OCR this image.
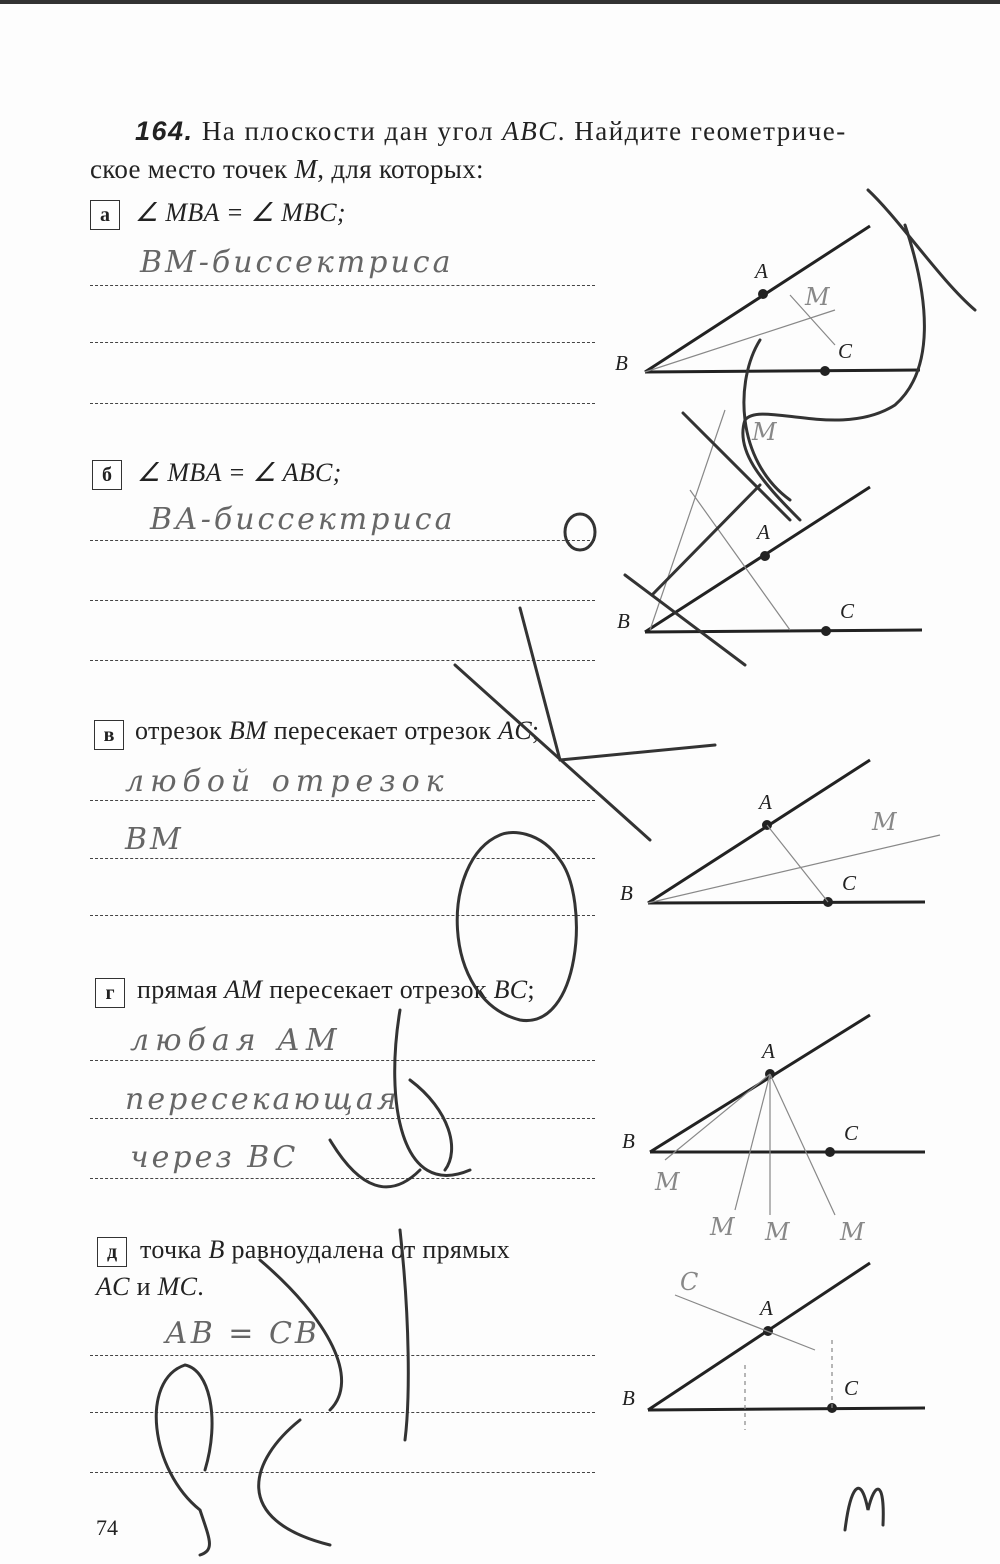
164. На плоскости дан угол ABC. Найдите геометриче-
ское место точек M, для которых:
а ∠ MBA = ∠ MBC;
ВМ-биссектриса
б ∠ MBA = ∠ ABC;
ВА-биссектриса
в отрезок BM пересекает отрезок AC;
любой отрезок
ВМ
г прямая AM пересекает отрезок BC;
любая АМ
пересекающая
через ВС
д точка B равноудалена от прямых
AC и MC.
АВ = СВ
74
A
B	C
A
B	C
A
B	C
A
B	C
A
B	C
M
M
M
M
M M M
C
